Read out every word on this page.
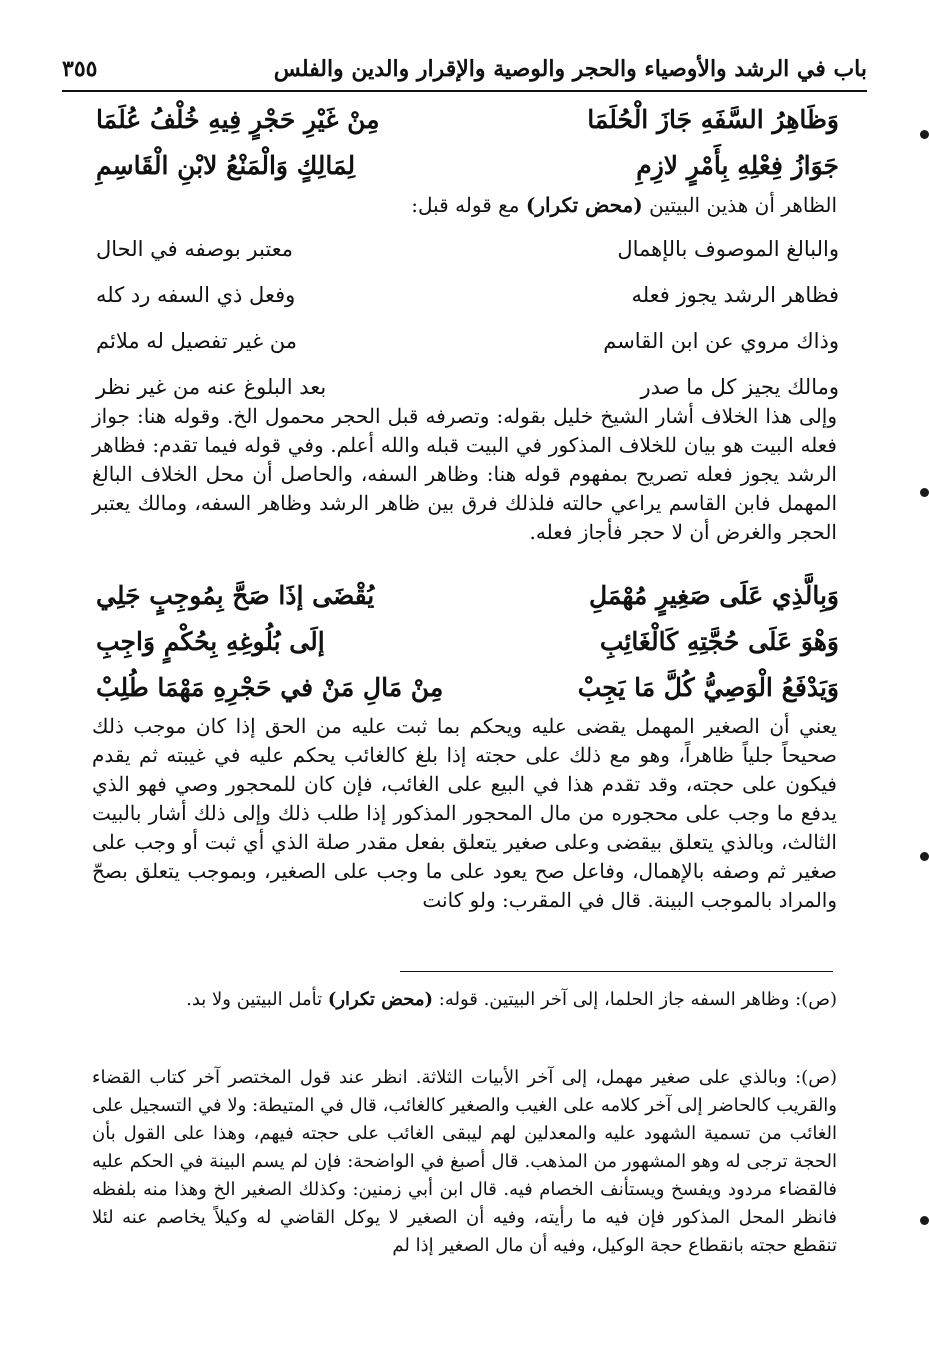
باب في الرشد والأوصياء والحجر والوصية والإقرار والدين والفلس
٣٥٥
وَظَاهِرُ السَّفَهِ جَازَ الْحُلَمَا
مِنْ غَيْرِ حَجْرٍ فِيهِ خُلْفُ عُلَمَا
جَوَازُ فِعْلِهِ بِأَمْرٍ لازِمِ
لِمَالِكٍ وَالْمَنْعُ لابْنِ الْقَاسِمِ
الظاهر أن هذين البيتين (محض تكرار) مع قوله قبل:
والبالغ الموصوف بالإهمال
معتبر بوصفه في الحال
فظاهر الرشد يجوز فعله
وفعل ذي السفه رد كله
وذاك مروي عن ابن القاسم
من غير تفصيل له ملائم
ومالك يجيز كل ما صدر
بعد البلوغ عنه من غير نظر
وإلى هذا الخلاف أشار الشيخ خليل بقوله: وتصرفه قبل الحجر محمول الخ. وقوله هنا: جواز فعله البيت هو بيان للخلاف المذكور في البيت قبله والله أعلم. وفي قوله فيما تقدم: فظاهر الرشد يجوز فعله تصريح بمفهوم قوله هنا: وظاهر السفه، والحاصل أن محل الخلاف البالغ المهمل فابن القاسم يراعي حالته فلذلك فرق بين ظاهر الرشد وظاهر السفه، ومالك يعتبر الحجر والغرض أن لا حجر فأجاز فعله.
وَبِالَّذِي عَلَى صَغِيرٍ مُهْمَلِ
يُقْضَى إذَا صَحَّ بِمُوجِبٍ جَلِي
وَهْوَ عَلَى حُجَّتِهِ كَالْغَائِبِ
إلَى بُلُوغِهِ بِحُكْمٍ وَاجِبِ
وَيَدْفَعُ الْوَصِيُّ كُلَّ مَا يَجِبْ
مِنْ مَالِ مَنْ في حَجْرِهِ مَهْمَا طُلِبْ
يعني أن الصغير المهمل يقضى عليه ويحكم بما ثبت عليه من الحق إذا كان موجب ذلك صحيحاً جلياً ظاهراً، وهو مع ذلك على حجته إذا بلغ كالغائب يحكم عليه في غيبته ثم يقدم فيكون على حجته، وقد تقدم هذا في البيع على الغائب، فإن كان للمحجور وصي فهو الذي يدفع ما وجب على محجوره من مال المحجور المذكور إذا طلب ذلك وإلى ذلك أشار بالبيت الثالث، وبالذي يتعلق بيقضى وعلى صغير يتعلق بفعل مقدر صلة الذي أي ثبت أو وجب على صغير ثم وصفه بالإهمال، وفاعل صح يعود على ما وجب على الصغير، وبموجب يتعلق بصحّ والمراد بالموجب البينة. قال في المقرب: ولو كانت
(ص): وظاهر السفه جاز الحلما، إلى آخر البيتين. قوله: (محض تكرار) تأمل البيتين ولا بد.
(ص): وبالذي على صغير مهمل، إلى آخر الأبيات الثلاثة. انظر عند قول المختصر آخر كتاب القضاء والقريب كالحاضر إلى آخر كلامه على الغيب والصغير كالغائب، قال في المتيطة: ولا في التسجيل على الغائب من تسمية الشهود عليه والمعدلين لهم ليبقى الغائب على حجته فيهم، وهذا على القول بأن الحجة ترجى له وهو المشهور من المذهب. قال أصبغ في الواضحة: فإن لم يسم البينة في الحكم عليه فالقضاء مردود ويفسخ ويستأنف الخصام فيه. قال ابن أبي زمنين: وكذلك الصغير الخ وهذا منه بلفظه فانظر المحل المذكور فإن فيه ما رأيته، وفيه أن الصغير لا يوكل القاضي له وكيلاً يخاصم عنه لئلا تنقطع حجته بانقطاع حجة الوكيل، وفيه أن مال الصغير إذا لم
